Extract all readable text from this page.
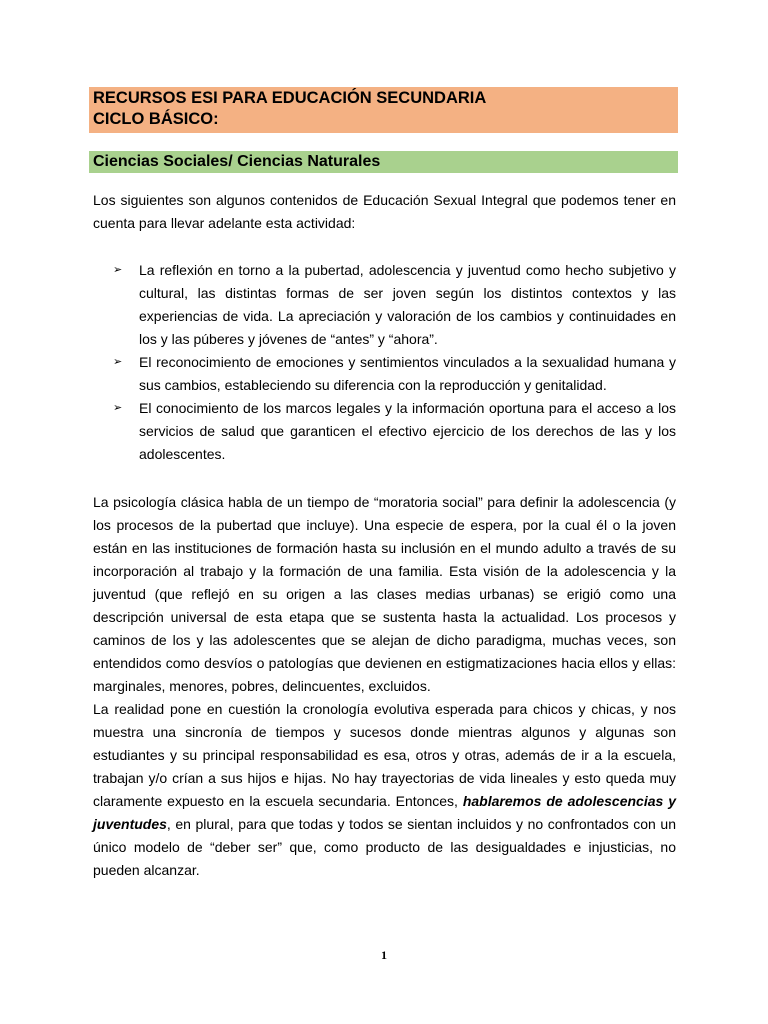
RECURSOS ESI PARA EDUCACIÓN SECUNDARIA
CICLO BÁSICO:
Ciencias Sociales/ Ciencias Naturales

Los siguientes son algunos contenidos de Educación Sexual Integral que podemos tener en cuenta para llevar adelante esta actividad:

➢ La reflexión en torno a la pubertad, adolescencia y juventud como hecho subjetivo y cultural, las distintas formas de ser joven según los distintos contextos y las experiencias de vida. La apreciación y valoración de los cambios y continuidades en los y las púberes y jóvenes de “antes” y “ahora”.
➢ El reconocimiento de emociones y sentimientos vinculados a la sexualidad humana y sus cambios, estableciendo su diferencia con la reproducción y genitalidad.
➢ El conocimiento de los marcos legales y la información oportuna para el acceso a los servicios de salud que garanticen el efectivo ejercicio de los derechos de las y los adolescentes.

La psicología clásica habla de un tiempo de “moratoria social” para definir la adolescencia (y los procesos de la pubertad que incluye). Una especie de espera, por la cual él o la joven están en las instituciones de formación hasta su inclusión en el mundo adulto a través de su incorporación al trabajo y la formación de una familia. Esta visión de la adolescencia y la juventud (que reflejó en su origen a las clases medias urbanas) se erigió como una descripción universal de esta etapa que se sustenta hasta la actualidad. Los procesos y caminos de los y las adolescentes que se alejan de dicho paradigma, muchas veces, son entendidos como desvíos o patologías que devienen en estigmatizaciones hacia ellos y ellas: marginales, menores, pobres, delincuentes, excluidos.

La realidad pone en cuestión la cronología evolutiva esperada para chicos y chicas, y nos muestra una sincronía de tiempos y sucesos donde mientras algunos y algunas son estudiantes y su principal responsabilidad es esa, otros y otras, además de ir a la escuela, trabajan y/o crían a sus hijos e hijas. No hay trayectorias de vida lineales y esto queda muy claramente expuesto en la escuela secundaria. Entonces, hablaremos de adolescencias y juventudes, en plural, para que todas y todos se sientan incluidos y no confrontados con un único modelo de “deber ser” que, como producto de las desigualdades e injusticias, no pueden alcanzar.

1
